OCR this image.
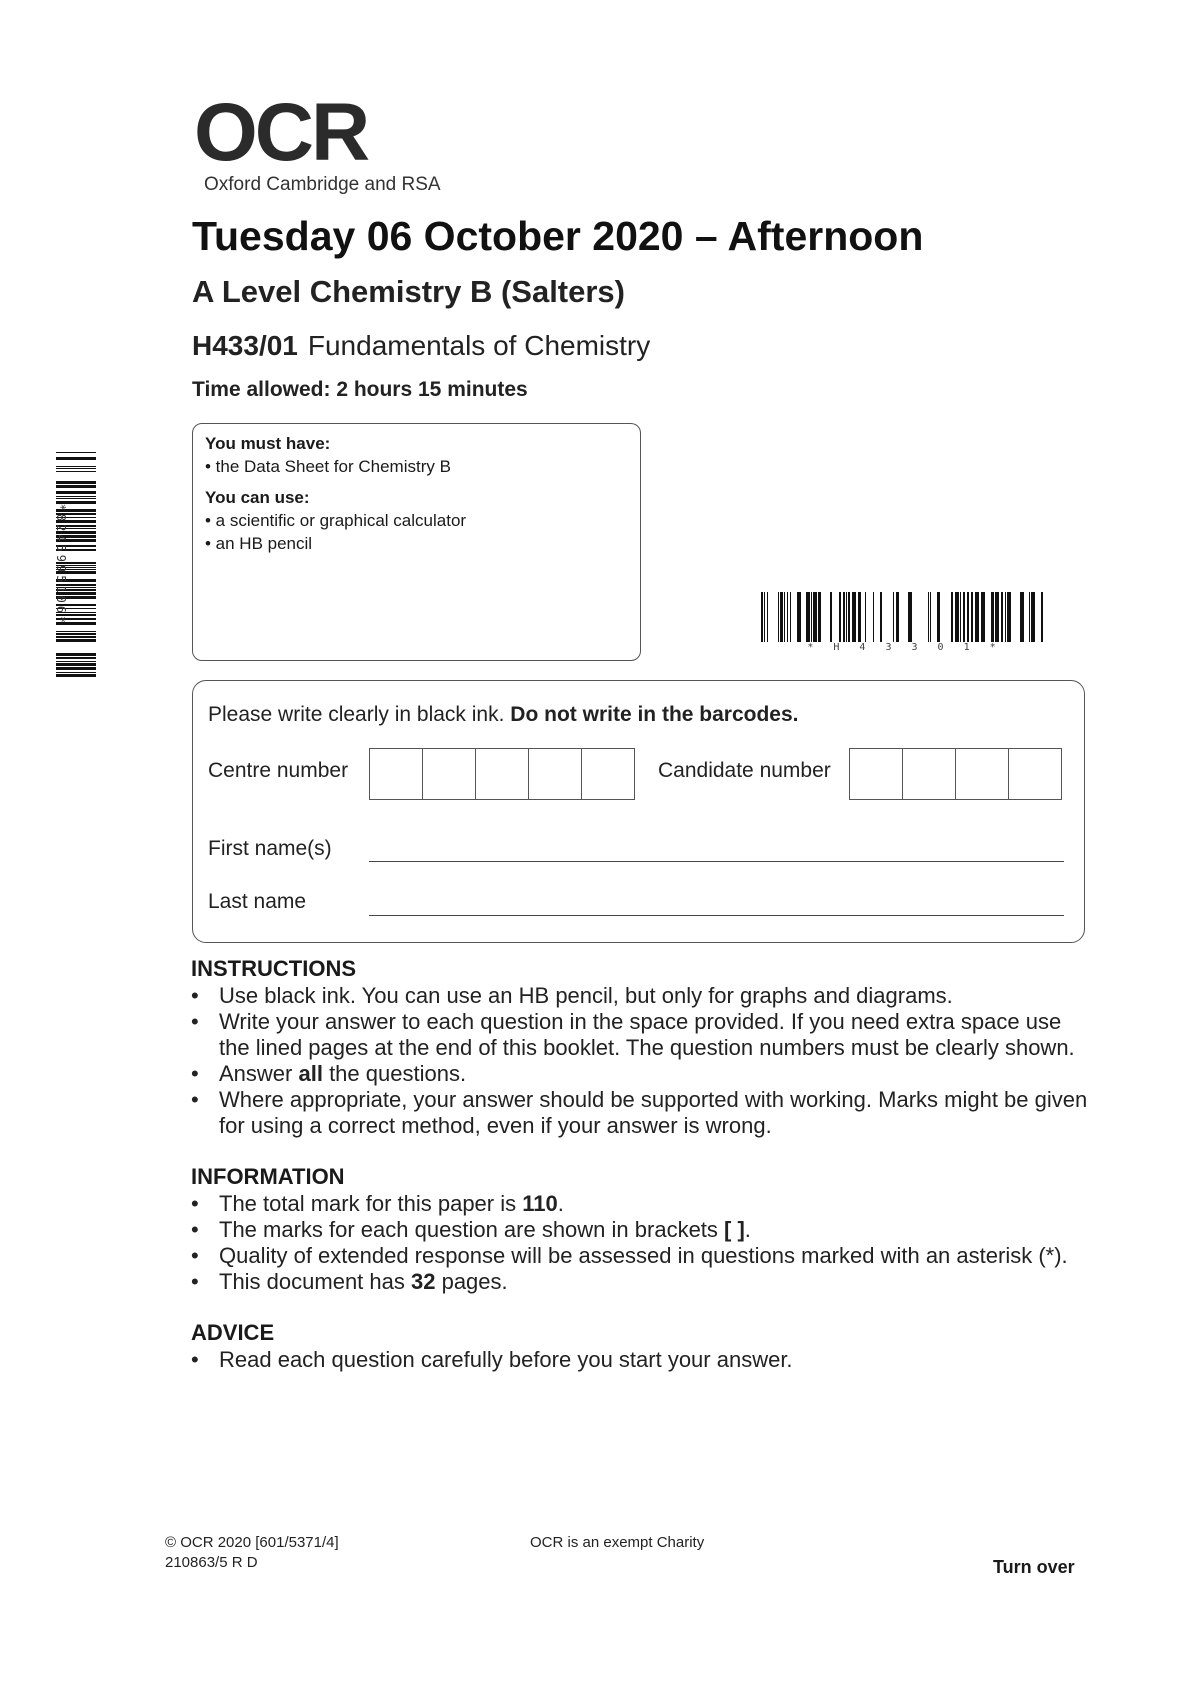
OCR
Oxford Cambridge and RSA
Tuesday 06 October 2020 – Afternoon
A Level Chemistry B (Salters)
H433/01 Fundamentals of Chemistry
Time allowed: 2 hours 15 minutes
You must have:
• the Data Sheet for Chemistry B
You can use:
• a scientific or graphical calculator
• an HB pencil
*8245995106*
* H 4 3 3 0 1 *
Please write clearly in black ink. Do not write in the barcodes.
Centre number	Candidate number
First name(s)
Last name
INSTRUCTIONS
• Use black ink. You can use an HB pencil, but only for graphs and diagrams.
• Write your answer to each question in the space provided. If you need extra space use the lined pages at the end of this booklet. The question numbers must be clearly shown.
• Answer all the questions.
• Where appropriate, your answer should be supported with working. Marks might be given for using a correct method, even if your answer is wrong.
INFORMATION
• The total mark for this paper is 110.
• The marks for each question are shown in brackets [ ].
• Quality of extended response will be assessed in questions marked with an asterisk (*).
• This document has 32 pages.
ADVICE
• Read each question carefully before you start your answer.
© OCR 2020 [601/5371/4]
210863/5 R D
OCR is an exempt Charity
Turn over
